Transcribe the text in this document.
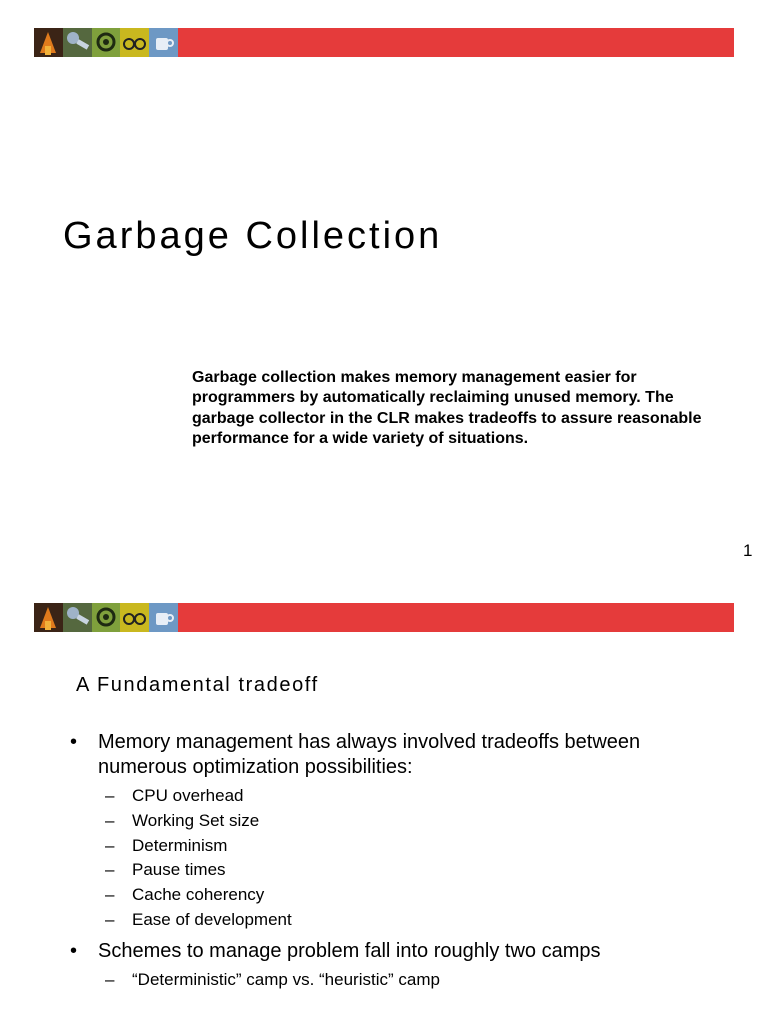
Garbage Collection

Garbage collection makes memory management easier for programmers by automatically reclaiming unused memory. The garbage collector in the CLR makes tradeoffs to assure reasonable performance for a wide variety of situations.

1
A Fundamental tradeoff
• Memory management has always involved tradeoffs between numerous optimization possibilities:
– CPU overhead
– Working Set size
– Determinism
– Pause times
– Cache coherency
– Ease of development
• Schemes to manage problem fall into roughly two camps
– “Deterministic” camp vs. “heuristic” camp
